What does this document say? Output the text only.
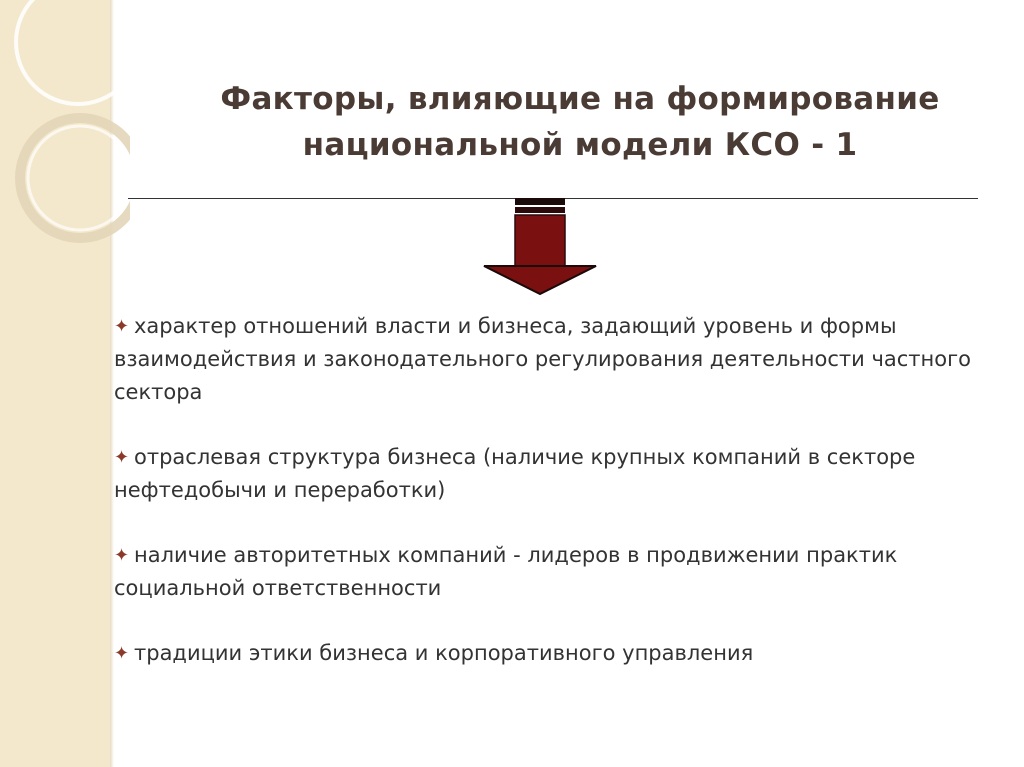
Факторы, влияющие на формирование
национальной модели КСО - 1
✦ характер отношений власти и бизнеса, задающий уровень и формы взаимодействия и законодательного регулирования деятельности частного сектора
✦ отраслевая структура бизнеса (наличие крупных компаний в секторе нефтедобычи и переработки)
✦ наличие авторитетных компаний - лидеров в продвижении практик социальной ответственности
✦ традиции этики бизнеса и корпоративного управления
